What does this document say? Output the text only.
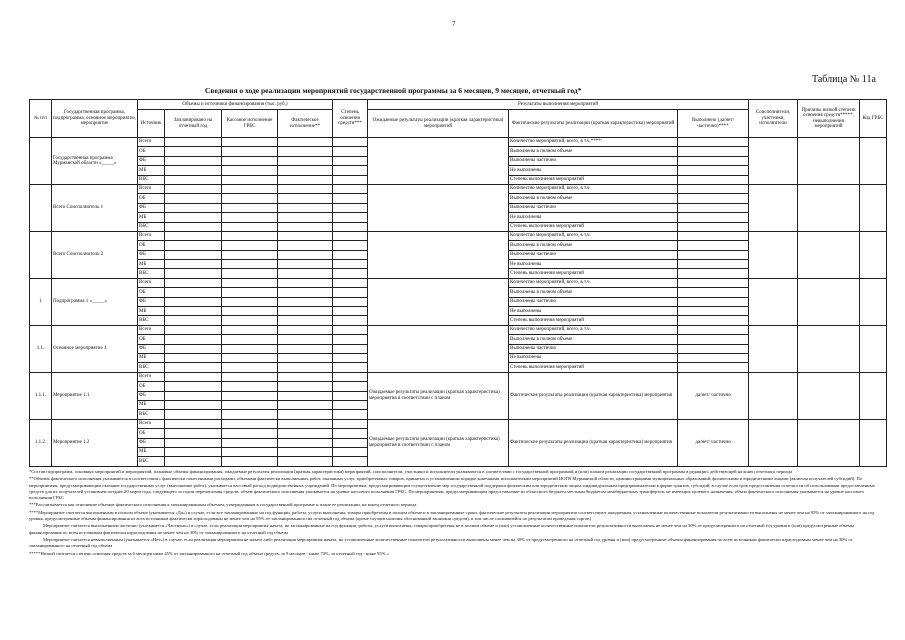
7
Таблица № 11а
Сведения о ходе реализации мероприятий государственной программы за 6 месяцев, 9 месяцев, отчетный год*
№ п/п	Государственная программа, подпрограмма, основное мероприятие, мероприятие	Объемы и источники финансирования (тыс. руб.)				Степень освоения средств***	Результаты выполнения мероприятий			Соисполнители, участники, исполнители	Причины низкой степени освоения средств*****, невыполнения мероприятий	Код ГРБС
		Источник	Запланировано на отчетный год	Кассовое исполнение ГРБС	Фактическое исполнение**		Ожидаемые результаты реализации (краткая характеристика) мероприятий	Фактические результаты реализации (краткая характеристика) мероприятий	Выполнено (да/нет/частично)****			
	Государственная программа Мурманской области «_____»	Всего						Количество мероприятий, всего, в т.ч.****:				
		ОБ						Выполнены в полном объеме				
		ФБ						Выполнены частично				
		МБ						Не выполнены				
		ВБС						Степень выполнения мероприятий				
	Всего Соисполнитель 1	Всего						Количество мероприятий, всего, в т.ч.				
		ОБ						Выполнены в полном объеме				
		ФБ						Выполнены частично				
		МБ						Не выполнены				
		ВБС						Степень выполнения мероприятий				
	Всего Соисполнитель 2	Всего						Количество мероприятий, всего, в т.ч.				
		ОБ						Выполнены в полном объеме				
		ФБ						Выполнены частично				
		МБ						Не выполнены				
		ВБС						Степень выполнения мероприятий				
1	Подпрограмма 1 «_____»	Всего						Количество мероприятий, всего, в т.ч.				
		ОБ						Выполнены в полном объеме				
		ФБ						Выполнены частично				
		МБ						Не выполнены				
		ВБС						Степень выполнения мероприятий				
1.1.	Основное мероприятие 1	Всего						Количество мероприятий, всего, в т.ч.				
		ОБ						Выполнены в полном объеме				
		ФБ						Выполнены частично				
		МБ						Не выполнены				
		ВБС						Степень выполнения мероприятий				
1.1.1.	Мероприятие 1.1	Всего					Ожидаемые результаты реализации (краткая характеристика) мероприятия в соответствии с планом	Фактические результаты реализации (краткая характеристика) мероприятия	да/нет/ частично			
		ОБ										
		ФБ										
		МБ										
		ВБС										
1.1.2.	Мероприятие 1.2	Всего					Ожидаемые результаты реализации (краткая характеристика) мероприятия в соответствии с планом	Фактические результаты реализации (краткая характеристика) мероприятия	да/нет/ частично			
		ОБ										
		ФБ										
		МБ										
		ВБС										

*Состав подпрограмм, основных мероприятий и мероприятий, плановые объемы финансирования, ожидаемые результаты реализации (краткая характеристика) мероприятий, соисполнители, участники и исполнители указываются в соответствии с государственной программой и (или) планом реализации государственной программы в редакции, действующей на конец отчетного периода

**Объемы фактического исполнения указываются в соответствии с фактически понесенными расходами, объемами фактически выполненных работ, оказанных услуг, приобретенных товаров, принятых и установленном порядке конечными исполнителями мероприятий ИОГВ Мурманской области, администрациями муниципальных образований, физическими и юридическими лицами (включая получателей субсидий). По мероприятиям, предусматривающим оказание государственных услуг (выполнение работ), указывается кассовый расход подведомственных учреждений. По мероприятиям, предусматривающим осуществление мер государственной поддержки физическим или юридическим лицам, индивидуальным предпринимателям в форме грантов, субсидий, в случае если срок предоставления отчетности об использовании предоставленных средств для их получателей установлен позднее 20 марта года, следующего за годом перечисления средств, объем фактического исполнения указывается на уровне кассового исполнения ГРБС. По мероприятиям, предусматривающим предоставление из областного бюджета местным бюджетам межбюджетных трансфертов, не имеющих целевого назначения, объем фактического исполнения указывается на уровне кассового исполнения ГРБС

***Рассчитывается как отношение объемов фактического исполнения к запланированным объемам, утвержденным в государственной программе и плане ее реализации, на конец отчетного периода

****Мероприятие считается выполненным в полном объеме (указывается «Да») в случае, если все запланированные на год функции, работы, услуги выполнены, товары приобретены в полном объеме и в запланированные сроки, фактические результаты реализации мероприятия соответствуют ожидаемым, установленные количественные показатели результативности выполнены не менее чем на 95% от запланированного на год уровня, предусмотренные объемы финансирования из всех источников фактически израсходованы не менее чем на 95% от запланированного на отчетный год объема (кроме случаев наличия обоснованной экономии средств), в том числе сложившейся по результатам проведения торгов)

Мероприятие считается выполненным частично (указывается «Частично») в случае, если реализация мероприятия начата, но запланированные на год функции, работы, услуги выполнены, товары приобретены не в полном объеме и (или) установленные количественные показатели результативности выполнены не менее чем на 30% от предусмотренного на отчетный год уровня и (или) предусмотренные объемы финансирования по всем источникам фактически израсходованы не менее чем на 30% от запланированного на отчетный год объема

Мероприятие считается невыполненным (указывается «Нет») в случае, если реализация мероприятия не начата либо реализация мероприятия начата, но установленные количественные показатели результативности выполнены менее чем на 30% от предусмотренного на отчетный год уровня и (или) предусмотренные объемы финансирования по всем источникам фактически израсходованы менее чем на 30% от запланированного на отчетный год объема

*****Низкой считается степень освоения средств за 6 месяцев ниже 45% от запланированного на отчетный год объема средств, за 9 месяцев - ниже 70%, за отчетный год - ниже 95% »
